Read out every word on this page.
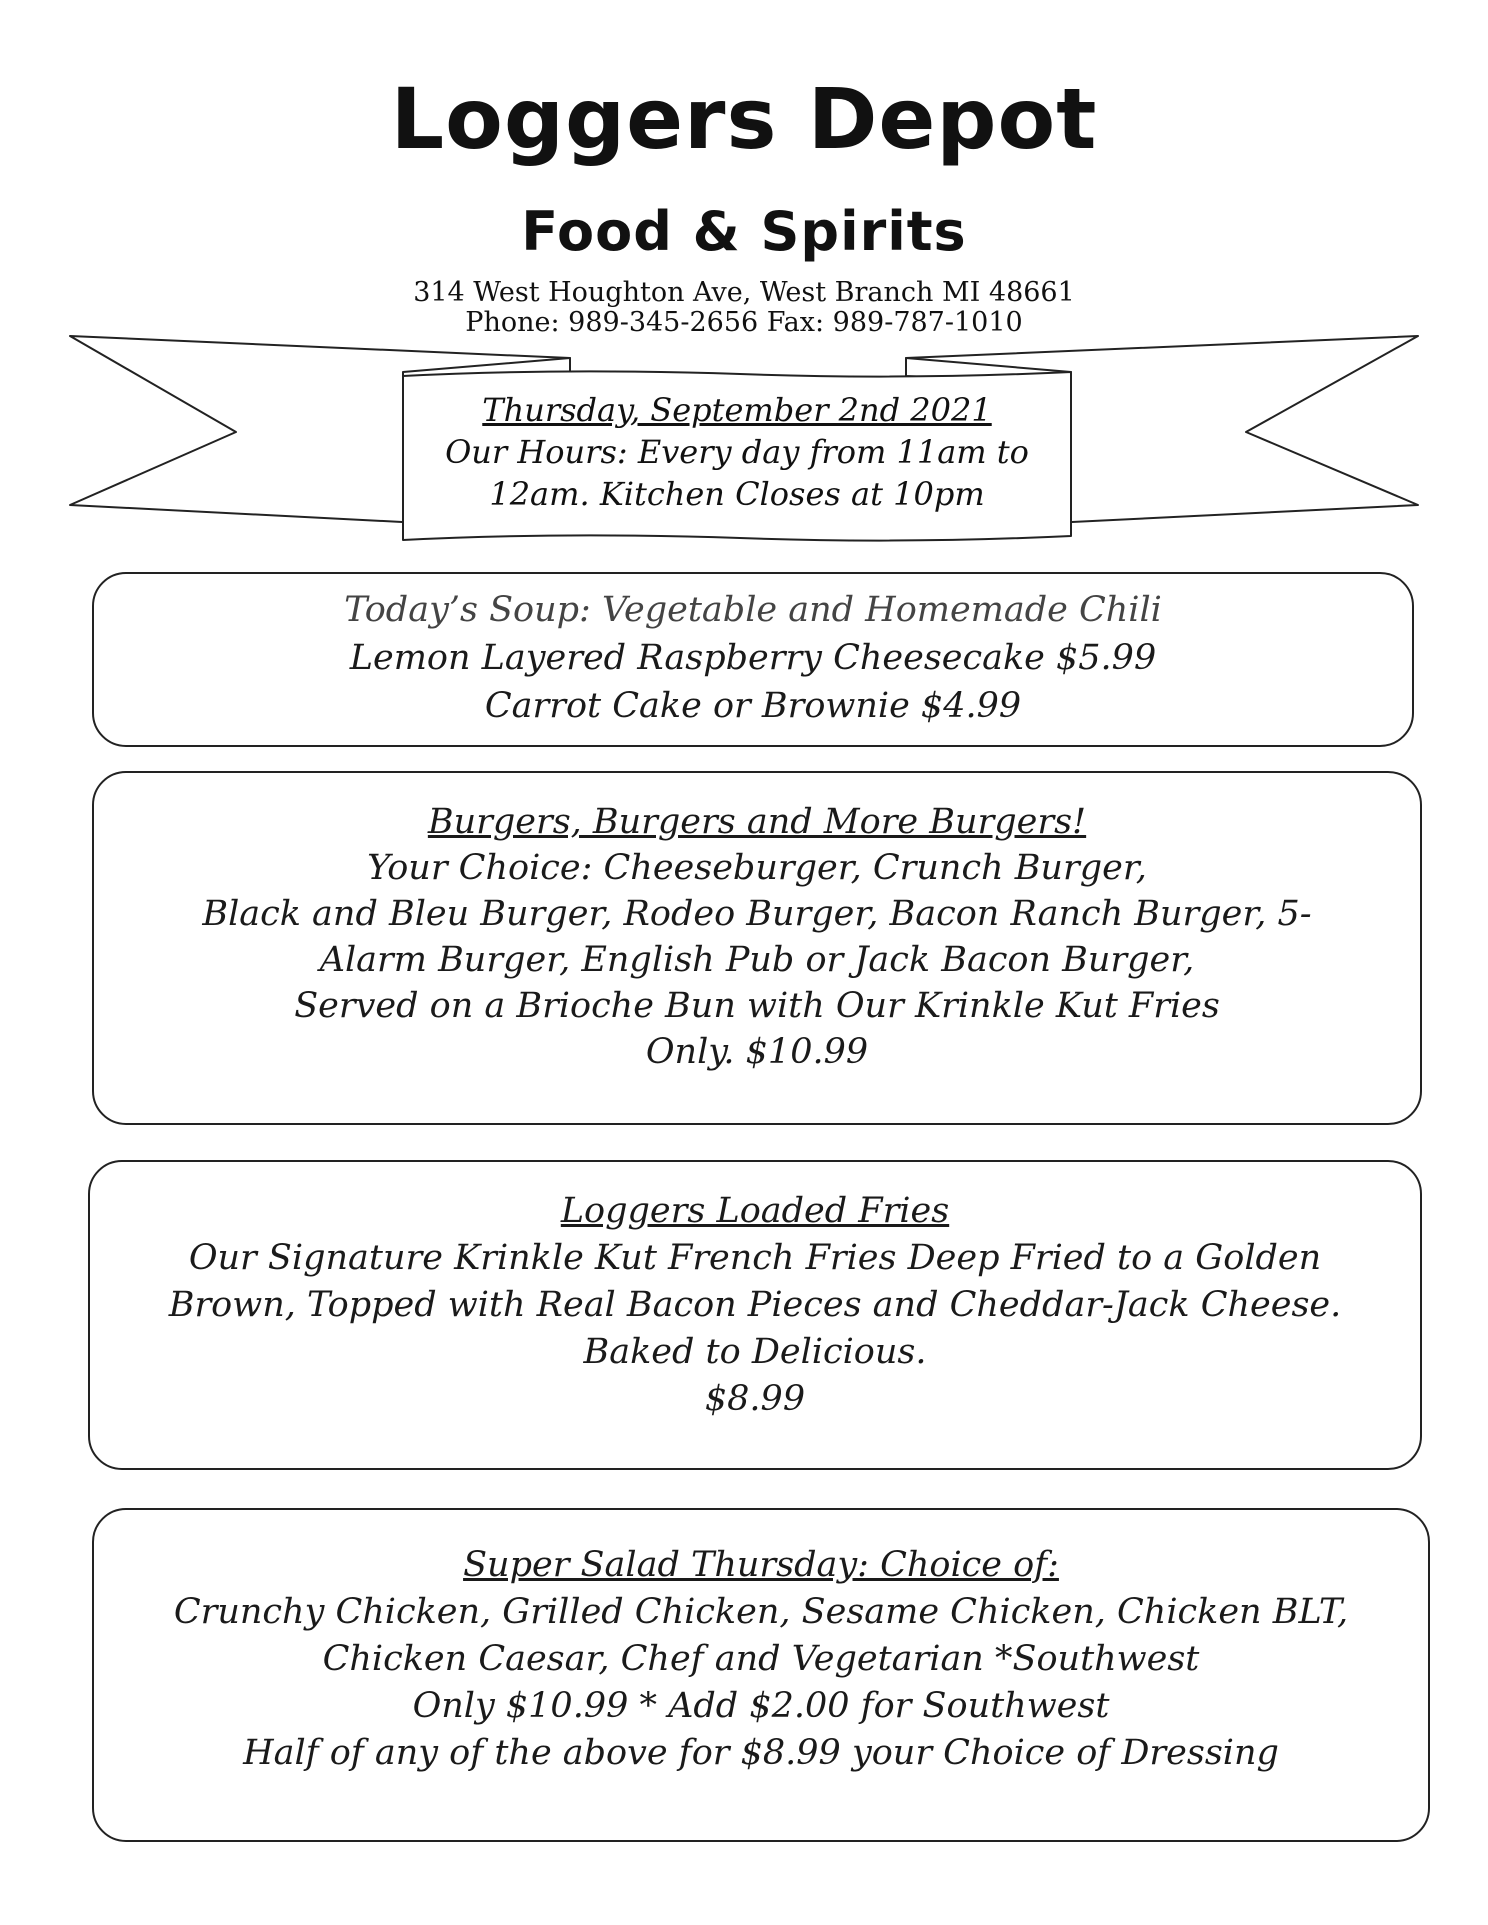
Loggers Depot
Food & Spirits
314 West Houghton Ave, West Branch MI 48661
Phone: 989-345-2656 Fax: 989-787-1010
Thursday, September 2nd 2021
Our Hours: Every day from 11am to
12am. Kitchen Closes at 10pm

Today’s Soup: Vegetable and Homemade Chili

Lemon Layered Raspberry Cheesecake $5.99

Carrot Cake or Brownie $4.99

Burgers, Burgers and More Burgers!

Your Choice: Cheeseburger, Crunch Burger,

Black and Bleu Burger, Rodeo Burger, Bacon Ranch Burger, 5-

Alarm Burger, English Pub or Jack Bacon Burger,

Served on a Brioche Bun with Our Krinkle Kut Fries

Only. $10.99

Loggers Loaded Fries

Our Signature Krinkle Kut French Fries Deep Fried to a Golden

Brown, Topped with Real Bacon Pieces and Cheddar-Jack Cheese.

Baked to Delicious.

$8.99

Super Salad Thursday: Choice of:

Crunchy Chicken, Grilled Chicken, Sesame Chicken, Chicken BLT,

Chicken Caesar, Chef and Vegetarian *Southwest

Only $10.99 * Add $2.00 for Southwest

Half of any of the above for $8.99 your Choice of Dressing
